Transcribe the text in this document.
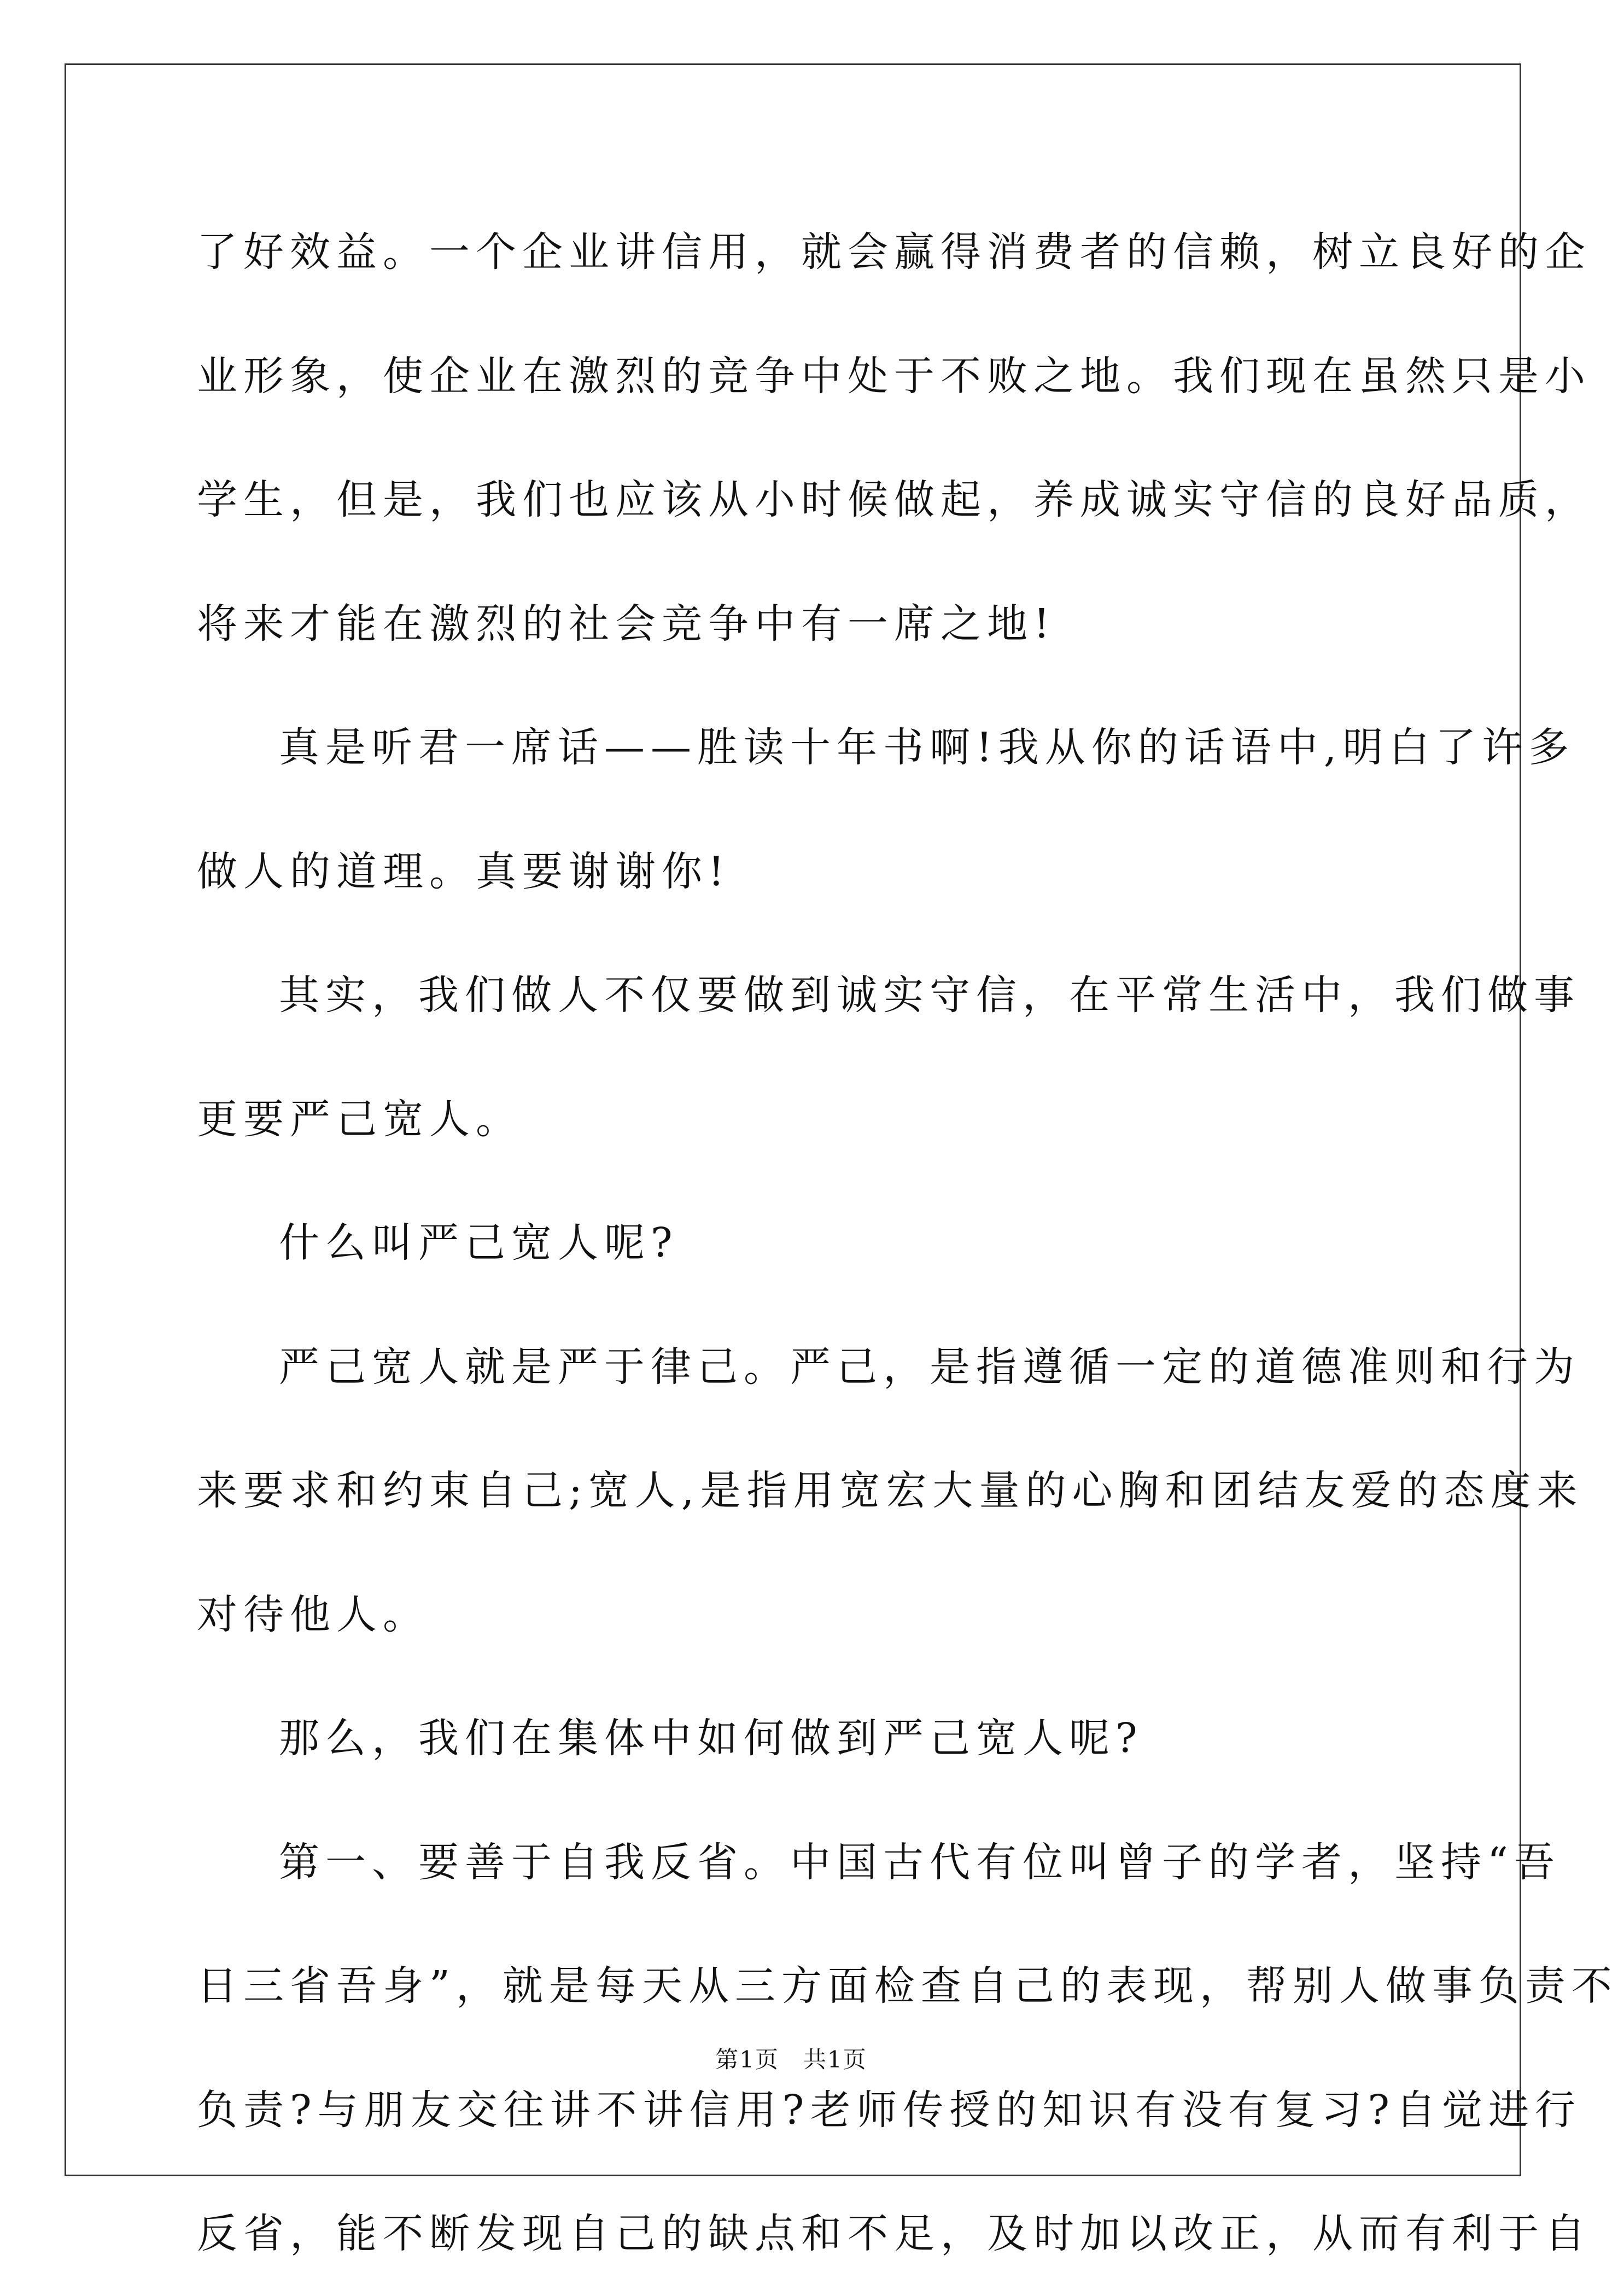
了好效益。一个企业讲信用，就会赢得消费者的信赖，树立良好的企
业形象，使企业在激烈的竞争中处于不败之地。我们现在虽然只是小
学生，但是，我们也应该从小时候做起，养成诚实守信的良好品质，
将来才能在激烈的社会竞争中有一席之地!
真是听君一席话——胜读十年书啊!我从你的话语中,明白了许多
做人的道理。真要谢谢你!
其实，我们做人不仅要做到诚实守信，在平常生活中，我们做事
更要严己宽人。
什么叫严己宽人呢?
严己宽人就是严于律己。严己，是指遵循一定的道德准则和行为
来要求和约束自己;宽人,是指用宽宏大量的心胸和团结友爱的态度来
对待他人。
那么，我们在集体中如何做到严己宽人呢?
第一、要善于自我反省。中国古代有位叫曾子的学者，坚持“吾
日三省吾身”，就是每天从三方面检查自己的表现，帮别人做事负责不
负责?与朋友交往讲不讲信用?老师传授的知识有没有复习?自觉进行
反省，能不断发现自己的缺点和不足，及时加以改正，从而有利于自
第1页　共1页
